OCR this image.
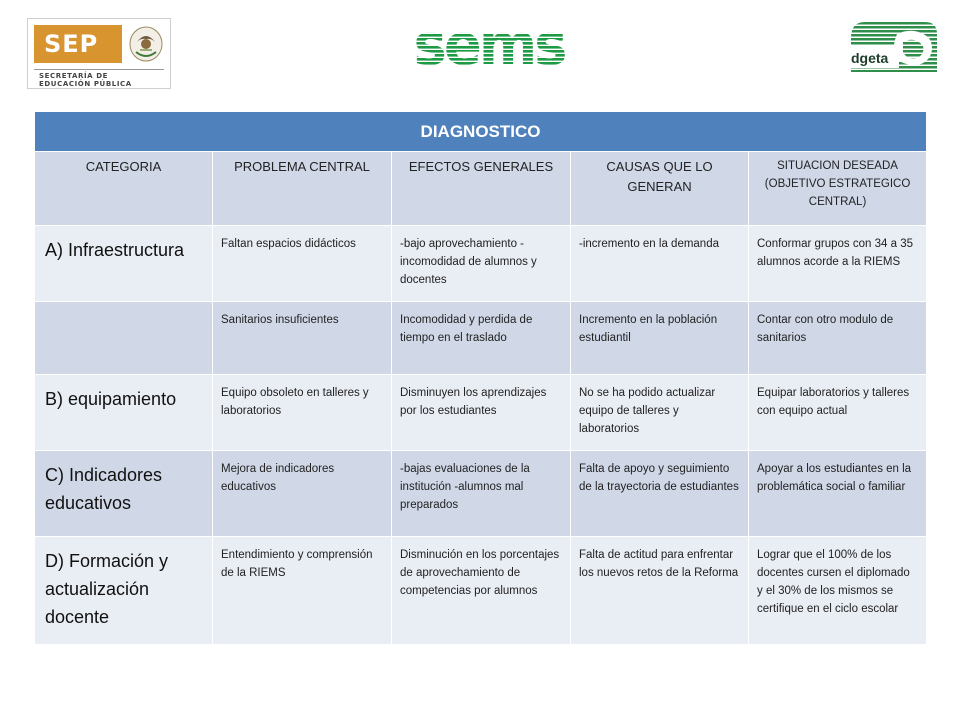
SEP
SECRETARÍA DE
EDUCACIÓN PÚBLICA
sems	dgeta
DIAGNOSTICO				
CATEGORIA	PROBLEMA CENTRAL	EFECTOS GENERALES	CAUSAS QUE LO GENERAN	SITUACION DESEADA (OBJETIVO ESTRATEGICO CENTRAL)
A) Infraestructura	Faltan espacios didácticos	-bajo aprovechamiento -incomodidad de alumnos y docentes	-incremento en la demanda	Conformar grupos con 34 a 35 alumnos acorde a la RIEMS
	Sanitarios insuficientes	Incomodidad y perdida de tiempo en el traslado	Incremento en la población estudiantil	Contar con otro modulo de sanitarios
B) equipamiento	Equipo obsoleto en talleres y laboratorios	Disminuyen los aprendizajes por los estudiantes	No se ha podido actualizar equipo de talleres y laboratorios	Equipar laboratorios y talleres con equipo actual
C) Indicadores educativos	Mejora de indicadores educativos	-bajas evaluaciones de la institución -alumnos mal preparados	Falta de apoyo y seguimiento de la trayectoria de estudiantes	Apoyar a los estudiantes en la problemática social o familiar
D) Formación y actualización docente	Entendimiento y comprensión de la RIEMS	Disminución en los porcentajes de aprovechamiento de competencias por alumnos	Falta de actitud para enfrentar los nuevos retos de la Reforma	Lograr que el 100% de los docentes cursen el diplomado y el 30% de los mismos se certifique en el ciclo escolar
